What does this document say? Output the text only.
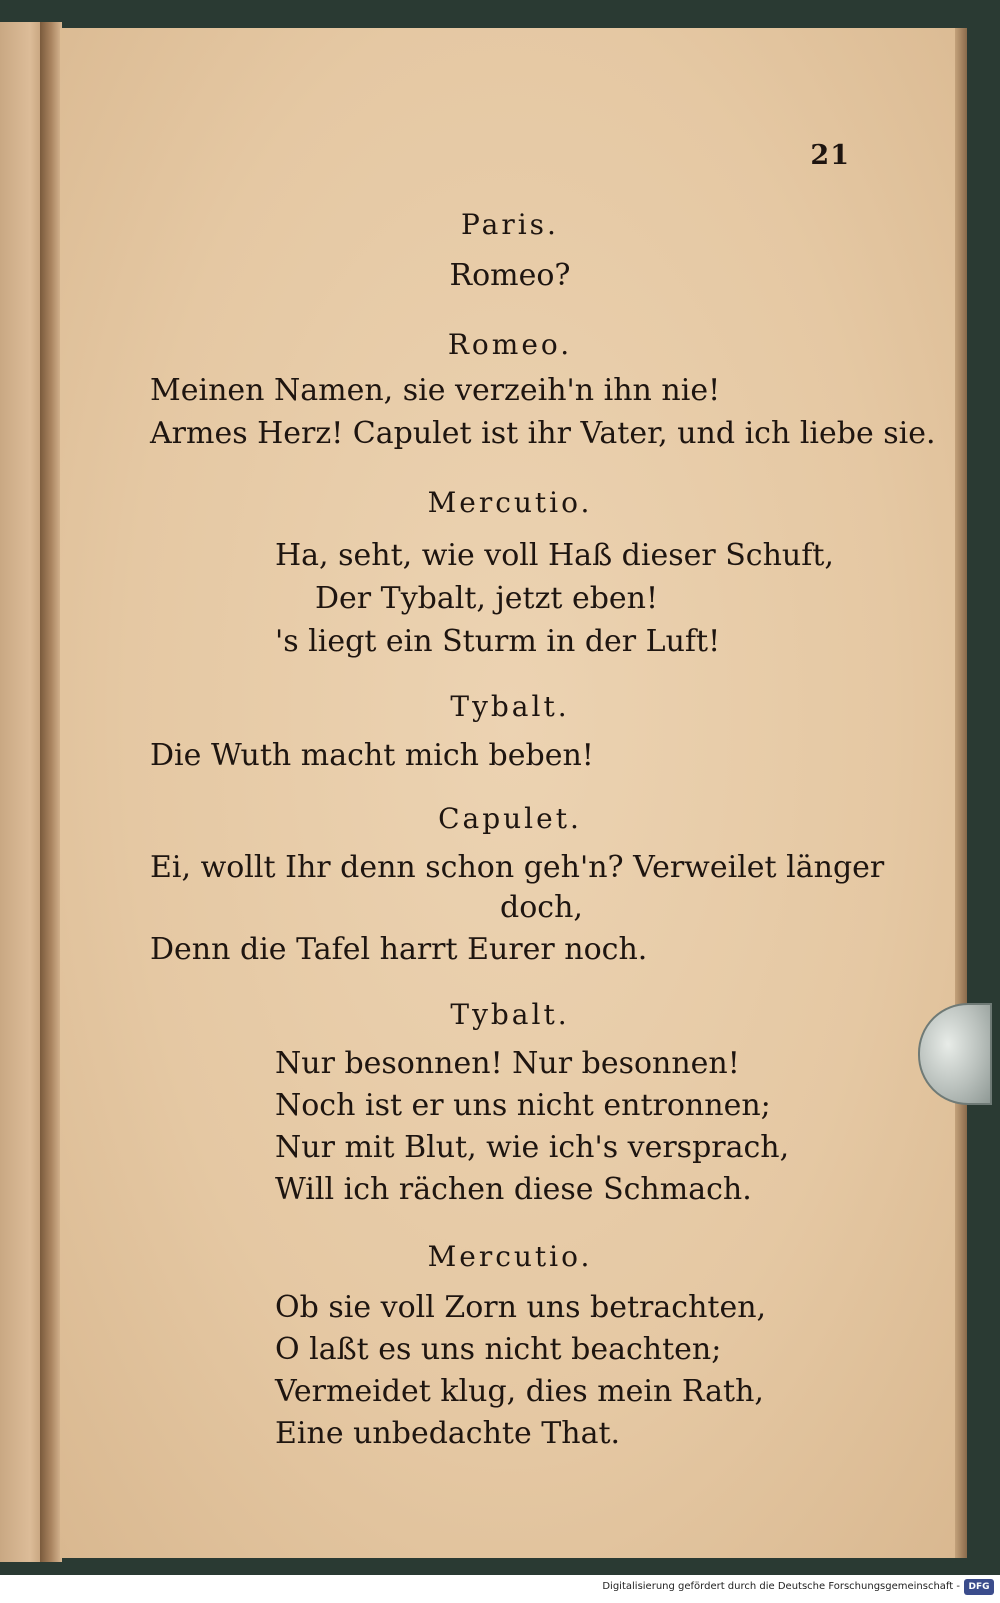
21
Paris.
Romeo?
Romeo.
Meinen Namen, sie verzeih'n ihn nie!
Armes Herz! Capulet ist ihr Vater, und ich liebe sie.
Mercutio.
Ha, seht, wie voll Haß dieser Schuft,
Der Tybalt, jetzt eben!
's liegt ein Sturm in der Luft!
Tybalt.
Die Wuth macht mich beben!
Capulet.
Ei, wollt Ihr denn schon geh'n? Verweilet länger
doch,
Denn die Tafel harrt Eurer noch.
Tybalt.
Nur besonnen! Nur besonnen!
Noch ist er uns nicht entronnen;
Nur mit Blut, wie ich's versprach,
Will ich rächen diese Schmach.
Mercutio.
Ob sie voll Zorn uns betrachten,
O laßt es uns nicht beachten;
Vermeidet klug, dies mein Rath,
Eine unbedachte That.
Digitalisierung gefördert durch die Deutsche Forschungsgemeinschaft - DFG
